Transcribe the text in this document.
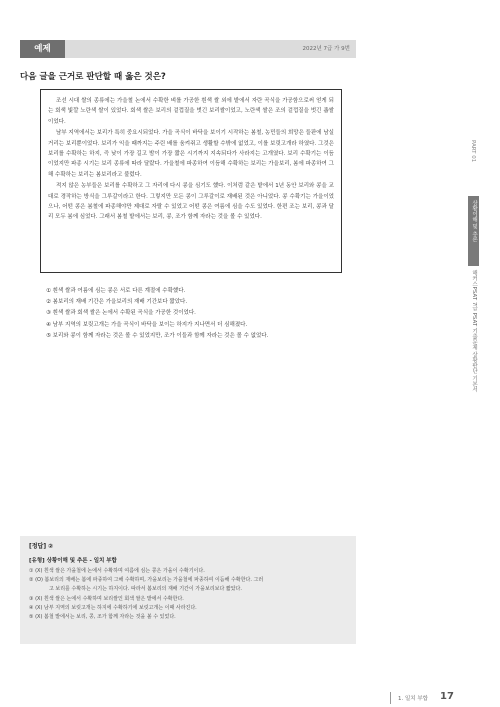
예제	2022년 7급 가 9번
다음 글을 근거로 판단할 때 옳은 것은?

조선 시대 쌀의 종류에는 가을철 논에서 수확한 벼를 가공한 흰색 쌀 외에 밭에서 자란 곡식을 가공함으로써 얻게 되는 회색 빛깔 노란색 쌀이 있었다. 회색 쌀은 보리의 겉껍질을 벗긴 보리쌀이었고, 노란색 쌀은 조의 겉껍질을 벗긴 좁쌀이었다.

남부 지역에서는 보리가 특히 중요시되었다. 가을 곡식이 바닥을 보이기 시작하는 봄철, 농민들의 희망은 들판에 남실거리는 보리뿐이었다. 보리가 익을 때까지는 주린 배를 움켜쥐고 생활할 수밖에 없었고, 이를 보릿고개라 하였다. 그것은 보리를 수확하는 하지, 즉 낮이 가장 길고 밤이 가장 짧은 시기까지 지속되다가 사라지는 고개였다. 보리 수확기는 이듬이었지만 파종 시기는 보리 종류에 따라 달랐다. 가을철에 파종하여 이듬해 수확하는 보리는 가을보리, 봄에 파종하여 그해 수확하는 보리는 봄보리라고 불렀다.

적지 않은 농부들은 보리를 수확하고 그 자리에 다시 콩을 심기도 했다. 이처럼 같은 밭에서 1년 동안 보리와 콩을 교대로 경작하는 방식을 그루갈이라고 한다. 그렇지만 모든 콩이 그루갈이로 재배된 것은 아니었다. 콩 수확기는 가을이었으나, 어떤 콩은 봄철에 파종해야만 제대로 자랄 수 있었고 어떤 콩은 여름에 심을 수도 있었다. 한편 조는 보리, 콩과 달리 모두 봄에 심었다. 그래서 봄철 밭에서는 보리, 콩, 조가 함께 자라는 것을 볼 수 있었다.

① 흰색 쌀과 여름에 심는 콩은 서로 다른 계절에 수확했다.
② 봄보리의 재배 기간은 가을보리의 재배 기간보다 짧았다.
③ 흰색 쌀과 회색 쌀은 논에서 수확된 곡식을 가공한 것이었다.
④ 남부 지역의 보릿고개는 가을 곡식이 바닥을 보이는 하지가 지나면서 더 심해졌다.
⑤ 보리와 콩이 함께 자라는 것은 볼 수 있었지만, 조가 이들과 함께 자라는 것은 볼 수 없었다.
[정답] ②
[유형] 상황이해 및 추론 - 일치 부합
① (X) 흰색 쌀은 가을철에 논에서 수확하며 여름에 심는 콩은 가을이 수확기이다.
② (O) 봄보리의 재배는 봄에 파종하여 그해 수확하며, 가을보리는 가을철에 파종하여 이듬해 수확한다. 그러
고 보리를 수확하는 시기는 하지이다. 따라서 봄보리의 재배 기간이 가을보리보다 짧았다.
③ (X) 흰색 쌀은 논에서 수확하며 보리쌀인 회색 쌀은 밭에서 수확한다.
④ (X) 남부 지역의 보릿고개는 하지에 수확하기에 보릿고개는 이때 사라진다.
⑤ (X) 봄철 밭에서는 보리, 콩, 조가 함께 자라는 것을 볼 수 있었다.
PART 01
상황이해 및 추론
해커스PSAT 7급 PSAT 기출문제 상황판단 기본서
1. 일치 부합 17
